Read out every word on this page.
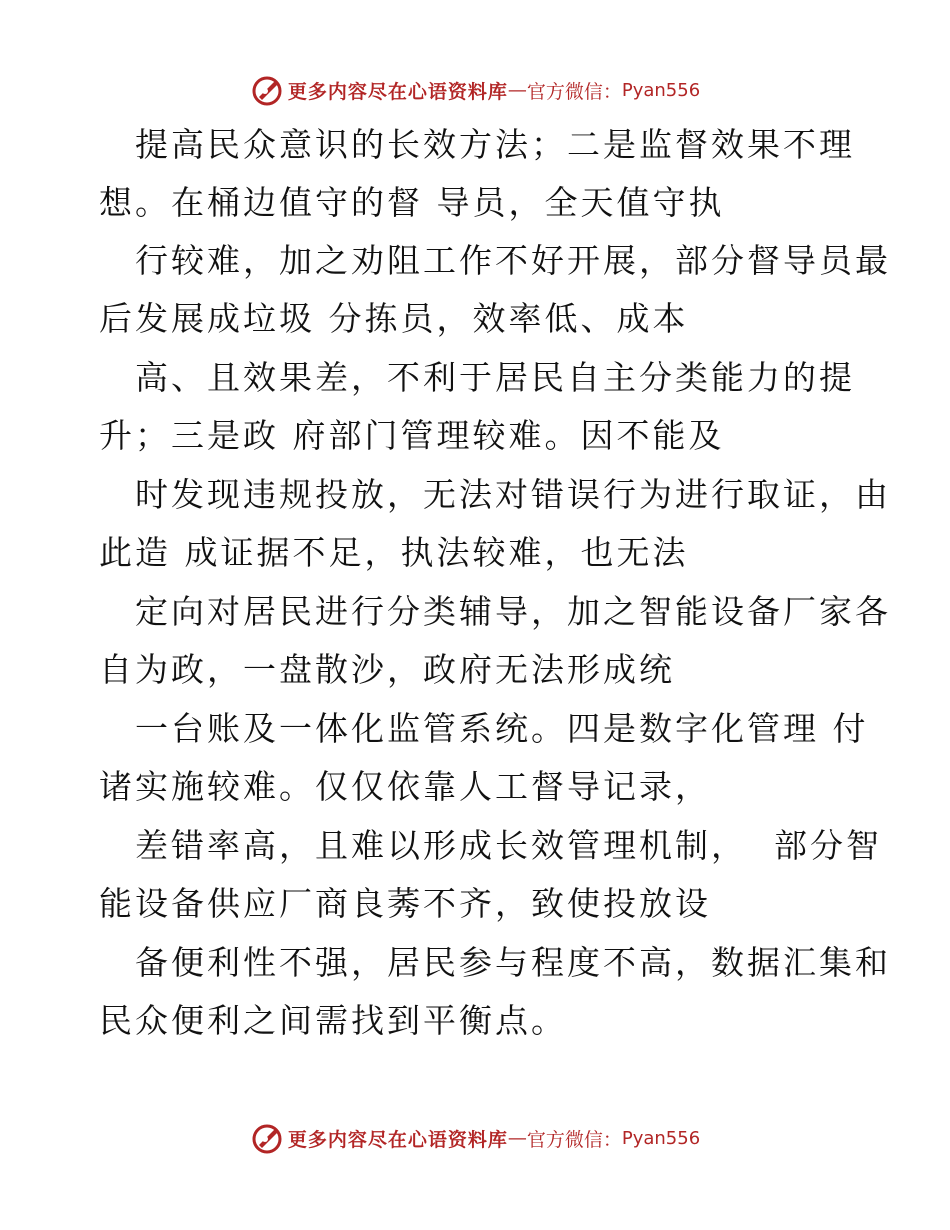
更多内容尽在心语资料库 — 官方微信： Pyan556
提高民众意识的长效方法；二是监督效果不理
想。在桶边值守的督 导员，全天值守执
行较难，加之劝阻工作不好开展，部分督导员最
后发展成垃圾 分拣员，效率低、成本
高、且效果差，不利于居民自主分类能力的提
升；三是政 府部门管理较难。因不能及
时发现违规投放，无法对错误行为进行取证，由
此造 成证据不足，执法较难，也无法
定向对居民进行分类辅导，加之智能设备厂家各
自为政，一盘散沙，政府无法形成统
一台账及一体化监管系统。四是数字化管理 付
诸实施较难。仅仅依靠人工督导记录，
差错率高，且难以形成长效管理机制，  部分智
能设备供应厂商良莠不齐，致使投放设
备便利性不强，居民参与程度不高，数据汇集和
民众便利之间需找到平衡点。
更多内容尽在心语资料库 — 官方微信： Pyan556
